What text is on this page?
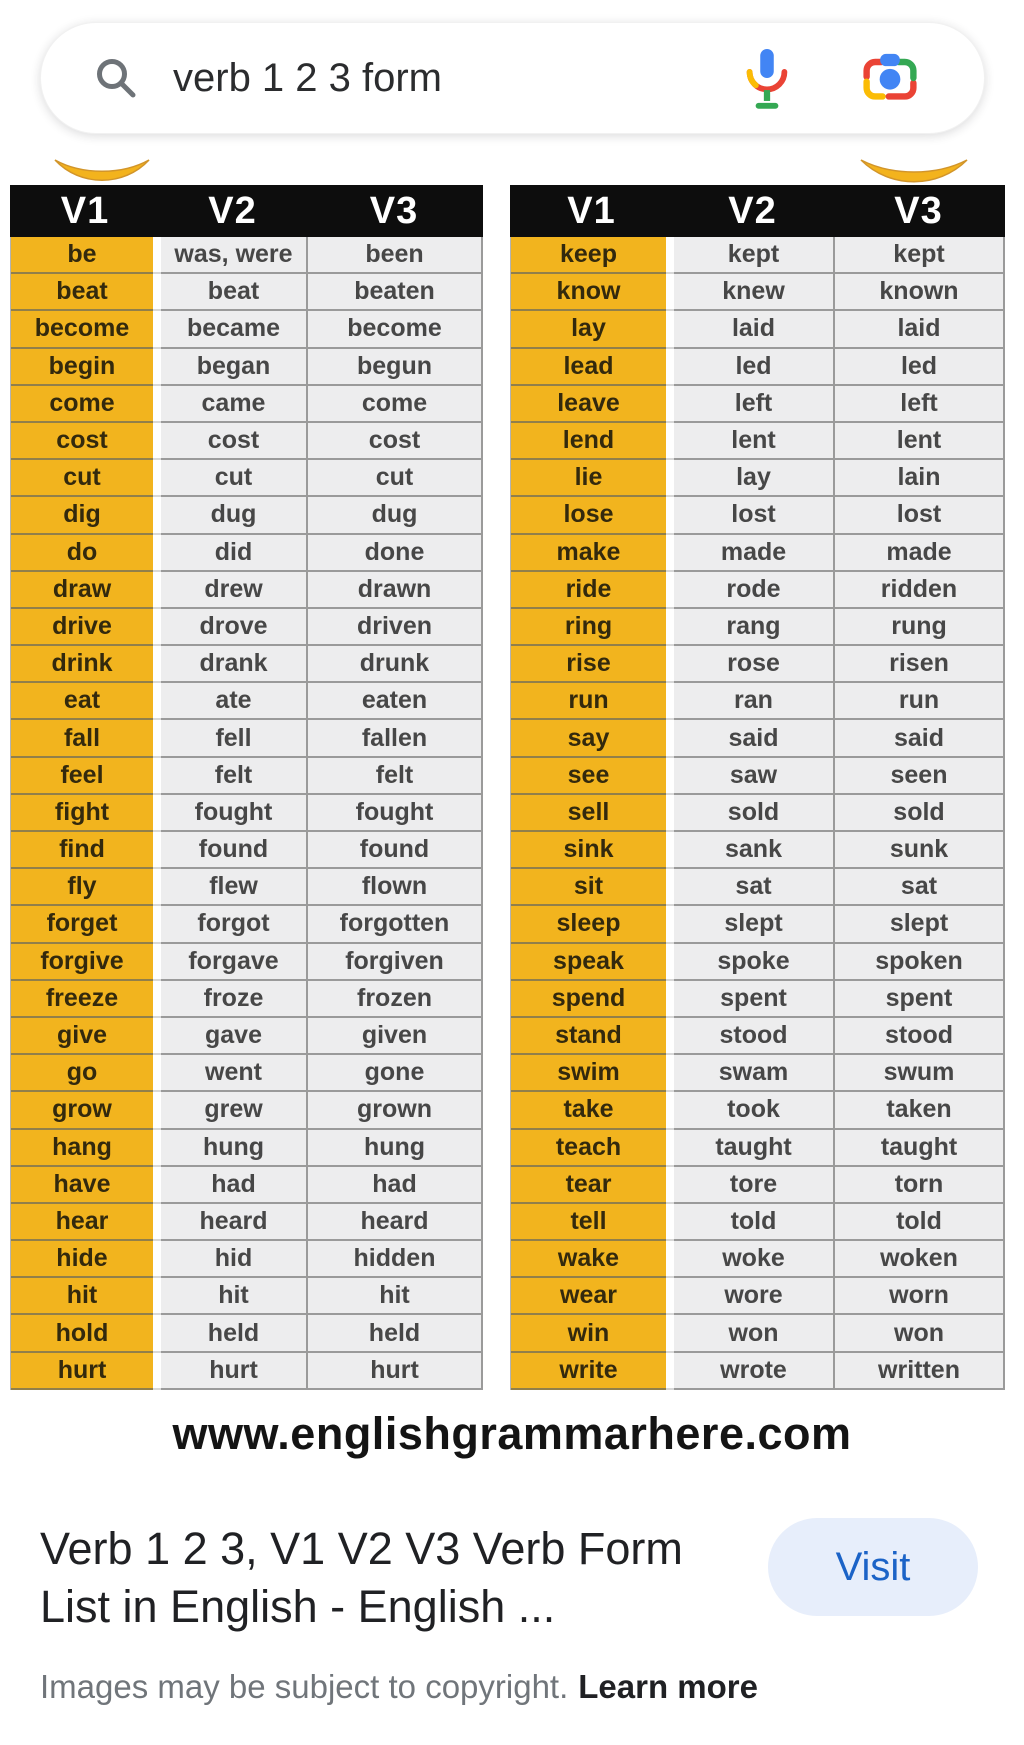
verb 1 2 3 form
V1	V2	V3
be	was, were	been
beat	beat	beaten
become	became	become
begin	began	begun
come	came	come
cost	cost	cost
cut	cut	cut
dig	dug	dug
do	did	done
draw	drew	drawn
drive	drove	driven
drink	drank	drunk
eat	ate	eaten
fall	fell	fallen
feel	felt	felt
fight	fought	fought
find	found	found
fly	flew	flown
forget	forgot	forgotten
forgive	forgave	forgiven
freeze	froze	frozen
give	gave	given
go	went	gone
grow	grew	grown
hang	hung	hung
have	had	had
hear	heard	heard
hide	hid	hidden
hit	hit	hit
hold	held	held
hurt	hurt	hurt
V1	V2	V3
keep	kept	kept
know	knew	known
lay	laid	laid
lead	led	led
leave	left	left
lend	lent	lent
lie	lay	lain
lose	lost	lost
make	made	made
ride	rode	ridden
ring	rang	rung
rise	rose	risen
run	ran	run
say	said	said
see	saw	seen
sell	sold	sold
sink	sank	sunk
sit	sat	sat
sleep	slept	slept
speak	spoke	spoken
spend	spent	spent
stand	stood	stood
swim	swam	swum
take	took	taken
teach	taught	taught
tear	tore	torn
tell	told	told
wake	woke	woken
wear	wore	worn
win	won	won
write	wrote	written
www.englishgrammarhere.com
Verb 1 2 3, V1 V2 V3 Verb Form
List in English - English ...
Visit
Images may be subject to copyright. Learn more
